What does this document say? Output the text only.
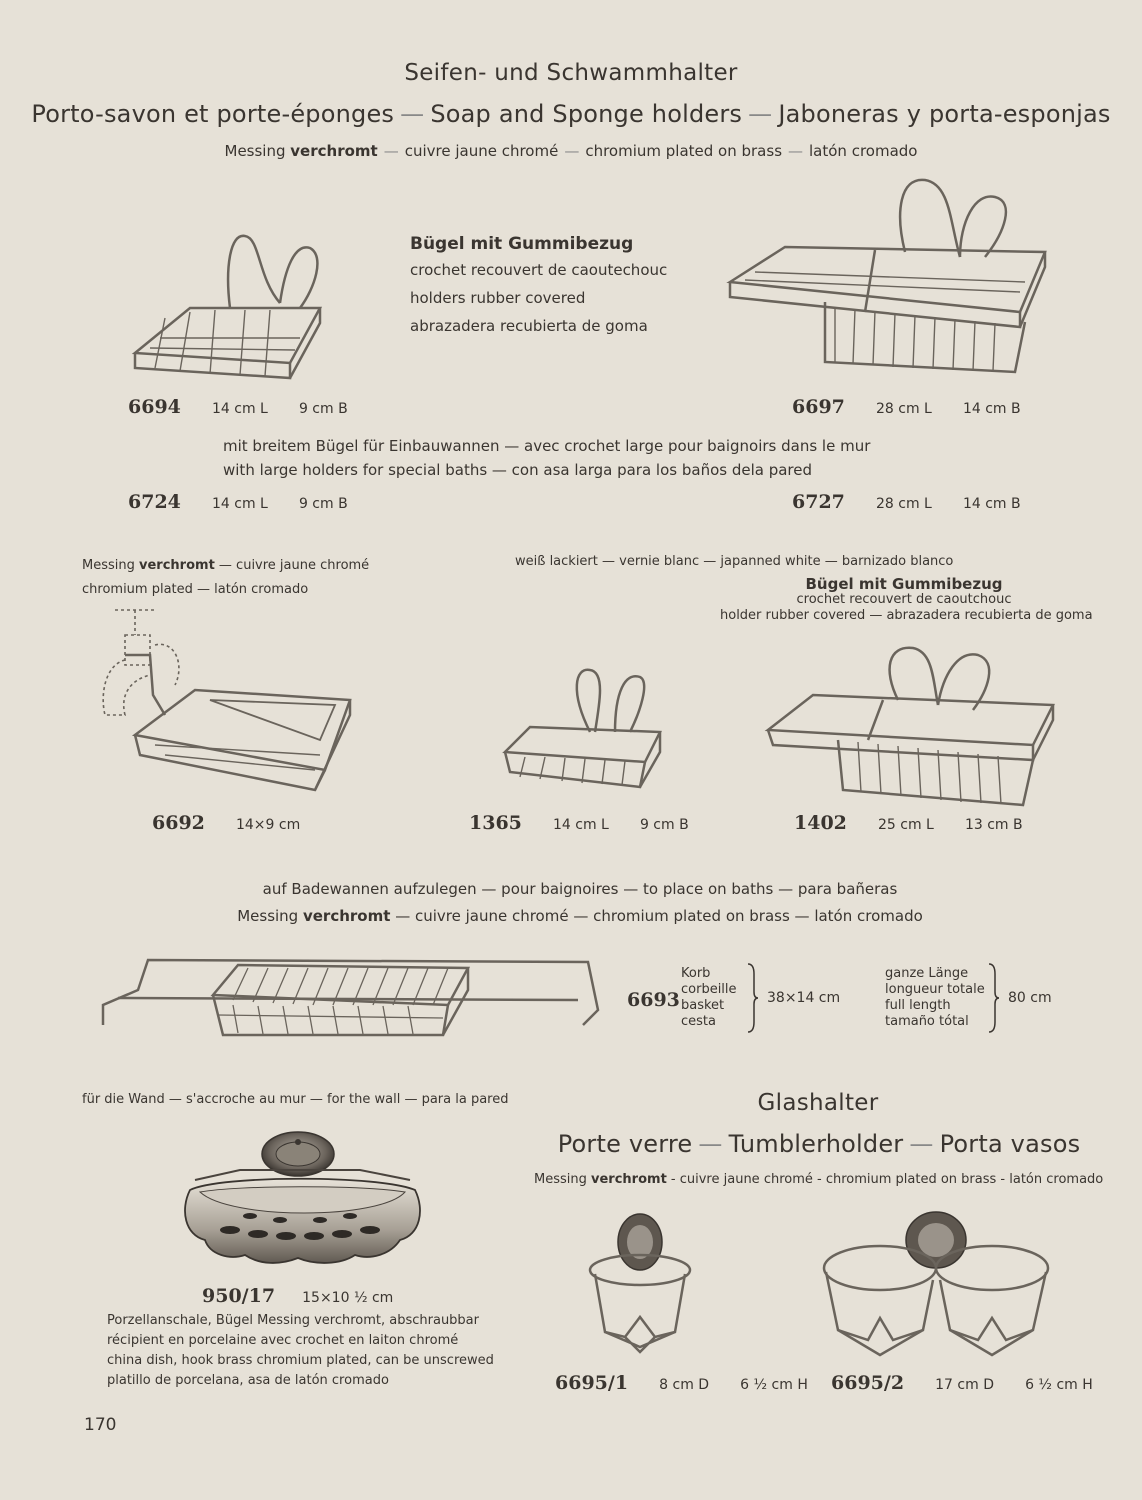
Seifen- und Schwammhalter
Porto-savon et porte-éponges — Soap and Sponge holders — Jaboneras y porta-esponjas
Messing verchromt — cuivre jaune chromé — chromium plated on brass — latón cromado
Bügel mit Gummibezug
crochet recouvert de caoutechouc
holders rubber covered
abrazadera recubierta de goma
6694 14 cm L 9 cm B	6697 28 cm L 14 cm B
mit breitem Bügel für Einbauwannen — avec crochet large pour baignoirs dans le mur
with large holders for special baths — con asa larga para los baños dela pared
6724 14 cm L 9 cm B	6727 28 cm L 14 cm B
Messing verchromt — cuivre jaune chromé
chromium plated — latón cromado
weiß lackiert — vernie blanc — japanned white — barnizado blanco
Bügel mit Gummibezug
crochet recouvert de caoutchouc
holder rubber covered — abrazadera recubierta de goma
6692 14×9 cm	1365 14 cm L 9 cm B	1402 25 cm L 13 cm B
auf Badewannen aufzulegen — pour baignoires — to place on baths — para bañeras
Messing verchromt — cuivre jaune chromé — chromium plated on brass — latón cromado
6693
Korb
corbeille
basket
cesta
38×14 cm
ganze Länge
longueur totale
full length
tamaño tótal
80 cm
für die Wand — s'accroche au mur — for the wall — para la pared
950/17 15×10 ½ cm
Porzellanschale, Bügel Messing verchromt, abschraubbar
récipient en porcelaine avec crochet en laiton chromé
china dish, hook brass chromium plated, can be unscrewed
platillo de porcelana, asa de latón cromado
Glashalter
Porte verre — Tumblerholder — Porta vasos
Messing verchromt - cuivre jaune chromé - chromium plated on brass - latón cromado
6695/1 8 cm D 6 ½ cm H 6695/2 17 cm D 6 ½ cm H
170
